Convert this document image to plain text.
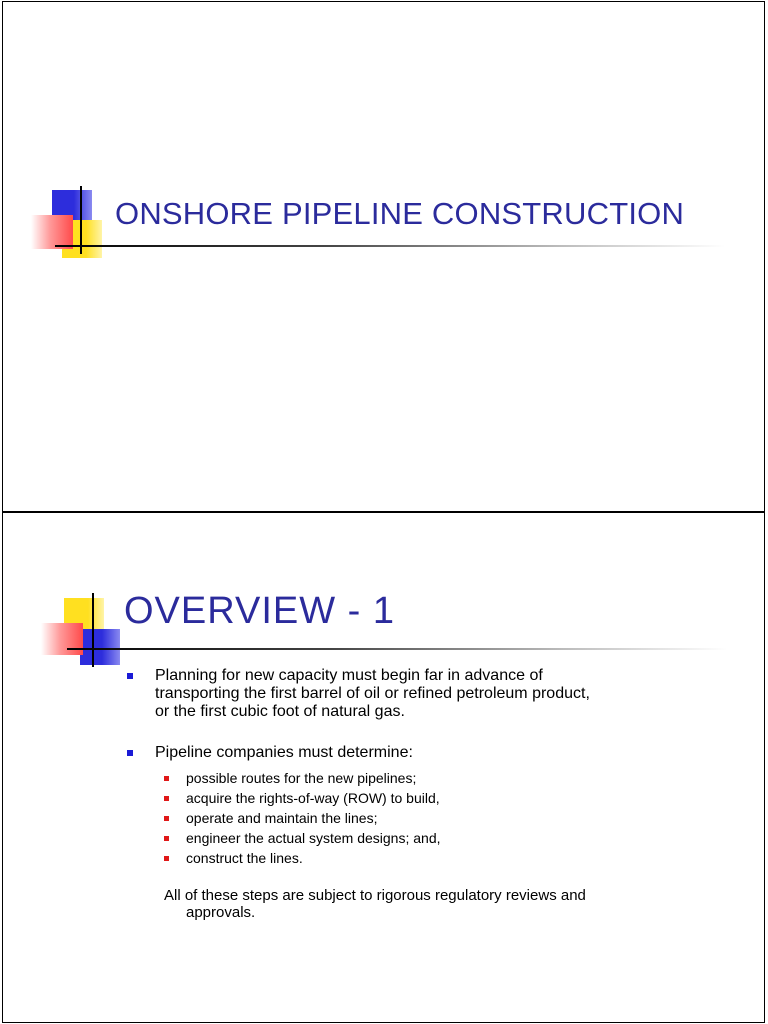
ONSHORE PIPELINE CONSTRUCTION
OVERVIEW - 1
Planning for new capacity must begin far in advance of
transporting the first barrel of oil or refined petroleum product,
or the first cubic foot of natural gas.
Pipeline companies must determine:
possible routes for the new pipelines;
acquire the rights-of-way (ROW) to build,
operate and maintain the lines;
engineer the actual system designs; and,
construct the lines.
All of these steps are subject to rigorous regulatory reviews and
approvals.
